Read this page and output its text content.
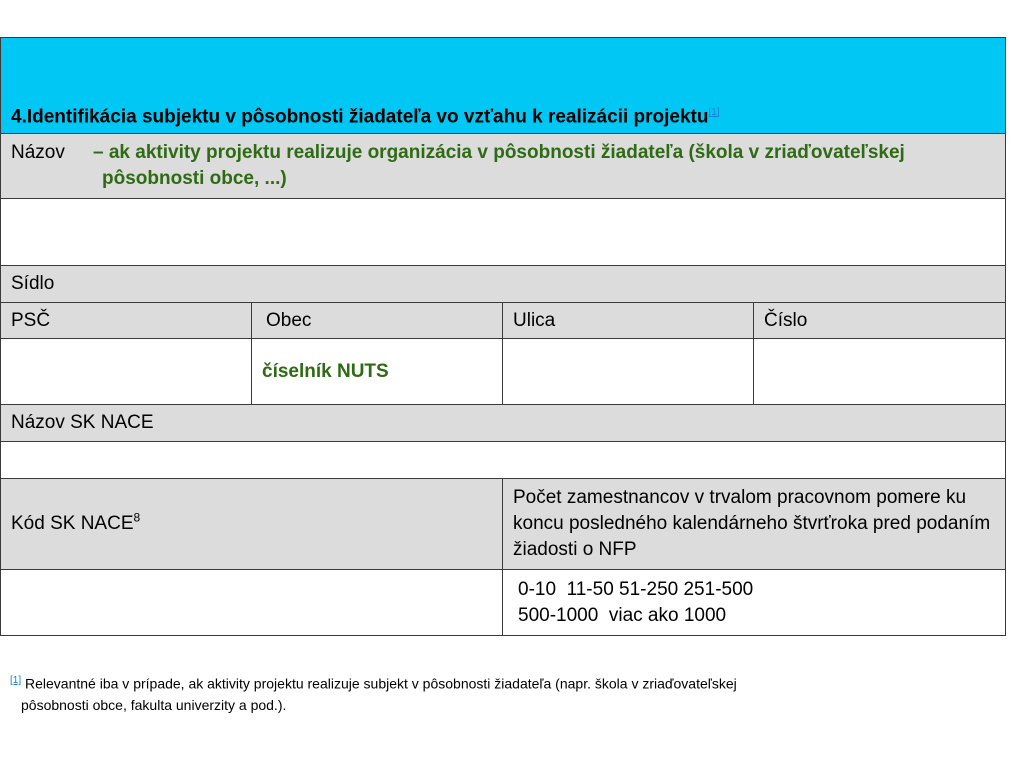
4.Identifikácia subjektu v pôsobnosti žiadateľa vo vzťahu k realizácii projektu[1]

Názov – ak aktivity projektu realizuje organizácia v pôsobnosti žiadateľa (škola v zriaďovateľskej
pôsobnosti obce, ...)			

Sídlo			
PSČ	Obec	Ulica	Číslo
	číselník NUTS		
Názov SK NACE			

Kód SK NACE$^8$		Počet zamestnancov v trvalom pracovnom pomere ku koncu posledného kalendárneho štvrťroka pred podaním žiadosti o NFP	

		0-10  11-50 51-250 251-500
500-1000  viac ako 1000	
[1] Relevantné iba v prípade, ak aktivity projektu realizuje subjekt v pôsobnosti žiadateľa (napr. škola v zriaďovateľskej
pôsobnosti obce, fakulta univerzity a pod.).
